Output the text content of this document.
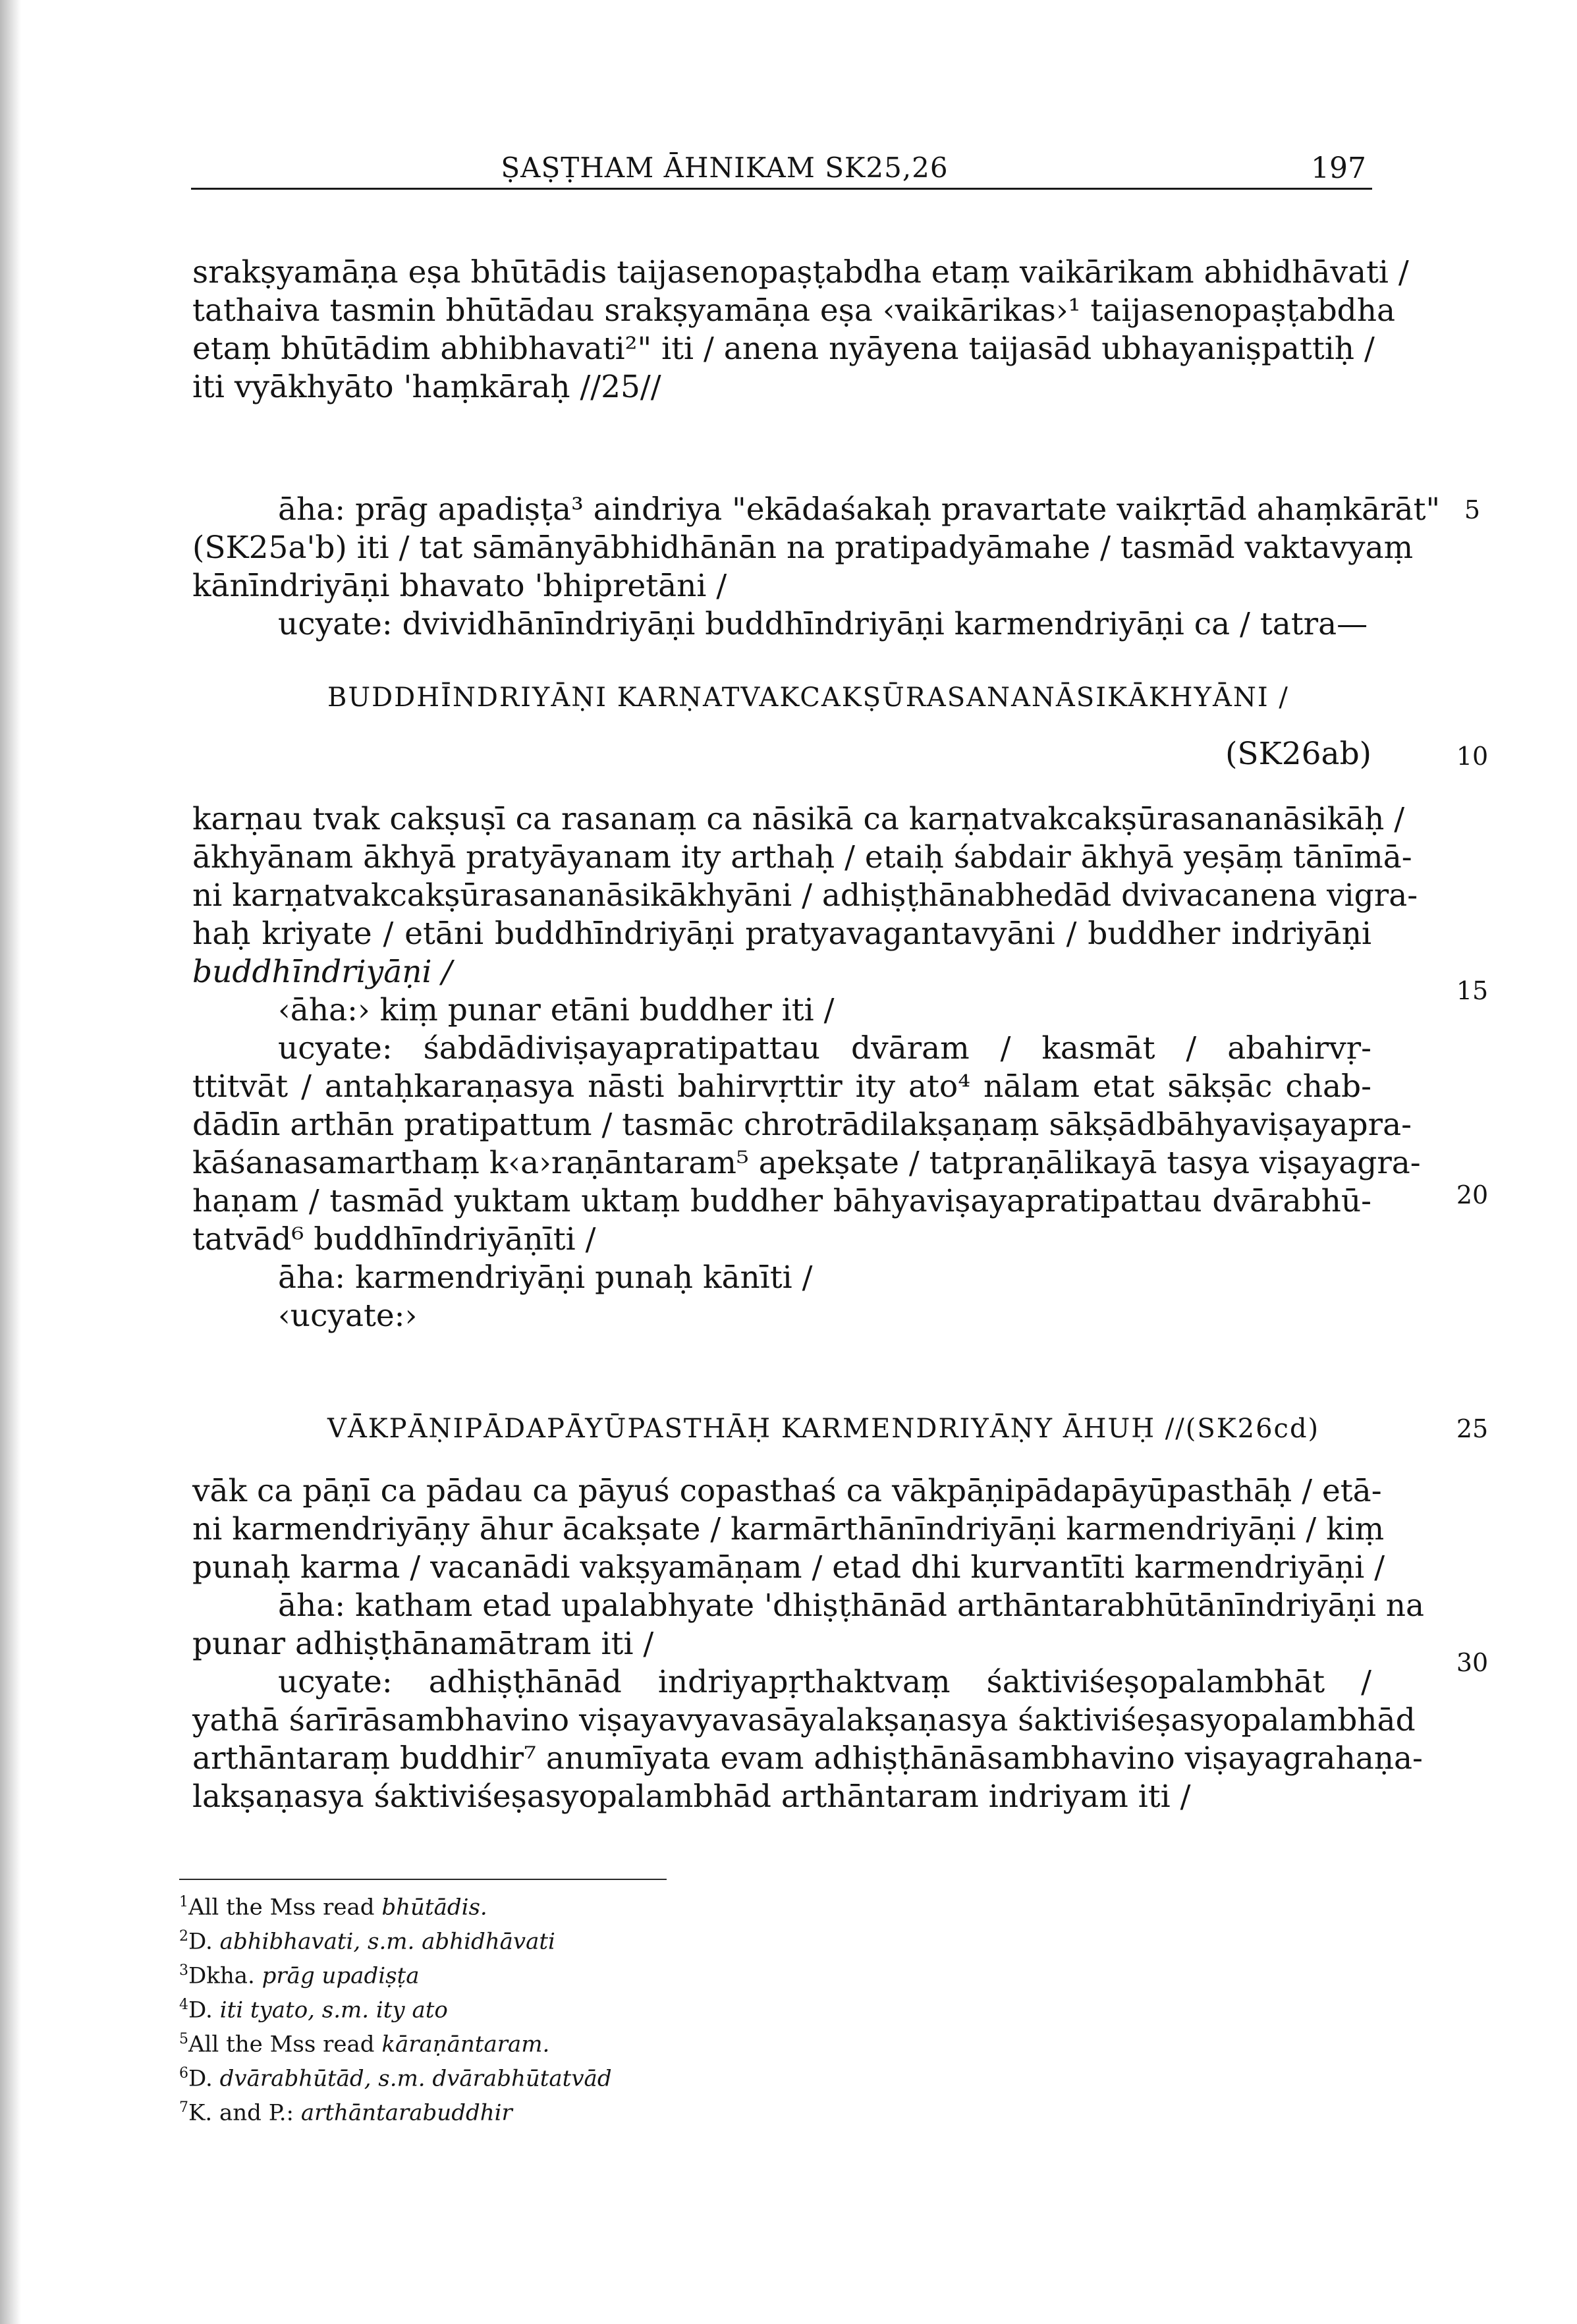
ṢAṢṬHAM ĀHNIKAM SK25,26	197
srakṣyamāṇa eṣa bhūtādis taijasenopaṣṭabdha etaṃ vaikārikam abhidhāvati /
tathaiva tasmin bhūtādau srakṣyamāṇa eṣa ‹vaikārikas›¹ taijasenopaṣṭabdha
etaṃ bhūtādim abhibhavati²" iti / anena nyāyena taijasād ubhayaniṣpattiḥ /
iti vyākhyāto 'haṃkāraḥ //25//
āha: prāg apadiṣṭa³ aindriya "ekādaśakaḥ pravartate vaikṛtād ahaṃkārāt"
(SK25a'b) iti / tat sāmānyābhidhānān na pratipadyāmahe / tasmād vaktavyaṃ
kānīndriyāṇi bhavato 'bhipretāni /
ucyate: dvividhānīndriyāṇi buddhīndriyāṇi karmendriyāṇi ca / tatra—
BUDDHĪNDRIYĀṆI KARṆATVAKCAKṢŪRASANANĀSIKĀKHYĀNI /
(SK26ab)
karṇau tvak cakṣuṣī ca rasanaṃ ca nāsikā ca karṇatvakcakṣūrasananāsikāḥ /
ākhyānam ākhyā pratyāyanam ity arthaḥ / etaiḥ śabdair ākhyā yeṣāṃ tānīmā-
ni karṇatvakcakṣūrasananāsikākhyāni / adhiṣṭhānabhedād dvivacanena vigra-
haḥ kriyate / etāni buddhīndriyāṇi pratyavagantavyāni / buddher indriyāṇi
buddhīndriyāṇi /
‹āha:› kiṃ punar etāni buddher iti /
ucyate: śabdādiviṣayapratipattau dvāram / kasmāt / abahirvṛ-
ttitvāt / antaḥkaraṇasya nāsti bahirvṛttir ity ato⁴ nālam etat sākṣāc chab-
dādīn arthān pratipattum / tasmāc chrotrādilakṣaṇaṃ sākṣādbāhyaviṣayapra-
kāśanasamarthaṃ k‹a›raṇāntaram⁵ apekṣate / tatpraṇālikayā tasya viṣayagra-
haṇam / tasmād yuktam uktaṃ buddher bāhyaviṣayapratipattau dvārabhū-
tatvād⁶ buddhīndriyāṇīti /
āha: karmendriyāṇi punaḥ kānīti /
‹ucyate:›
VĀKPĀṆIPĀDAPĀYŪPASTHĀḤ KARMENDRIYĀṆY ĀHUḤ //(SK26cd)
vāk ca pāṇī ca pādau ca pāyuś copasthaś ca vākpāṇipādapāyūpasthāḥ / etā-
ni karmendriyāṇy āhur ācakṣate / karmārthānīndriyāṇi karmendriyāṇi / kiṃ
punaḥ karma / vacanādi vakṣyamāṇam / etad dhi kurvantīti karmendriyāṇi /
āha: katham etad upalabhyate 'dhiṣṭhānād arthāntarabhūtānīndriyāṇi na
punar adhiṣṭhānamātram iti /
ucyate: adhiṣṭhānād indriyapṛthaktvaṃ śaktiviśeṣopalambhāt /
yathā śarīrāsambhavino viṣayavyavasāyalakṣaṇasya śaktiviśeṣasyopalambhād
arthāntaraṃ buddhir⁷ anumīyata evam adhiṣṭhānāsambhavino viṣayagrahaṇa-
lakṣaṇasya śaktiviśeṣasyopalambhād arthāntaram indriyam iti /
5
10
15
20
25
30
$^1$All the Mss read bhūtādis.
$^2$D. abhibhavati, s.m. abhidhāvati
$^3$Dkha. prāg upadiṣṭa
$^4$D. iti tyato, s.m. ity ato
$^5$All the Mss read kāraṇāntaram.
$^6$D. dvārabhūtād, s.m. dvārabhūtatvād
$^7$K. and P.: arthāntarabuddhir
